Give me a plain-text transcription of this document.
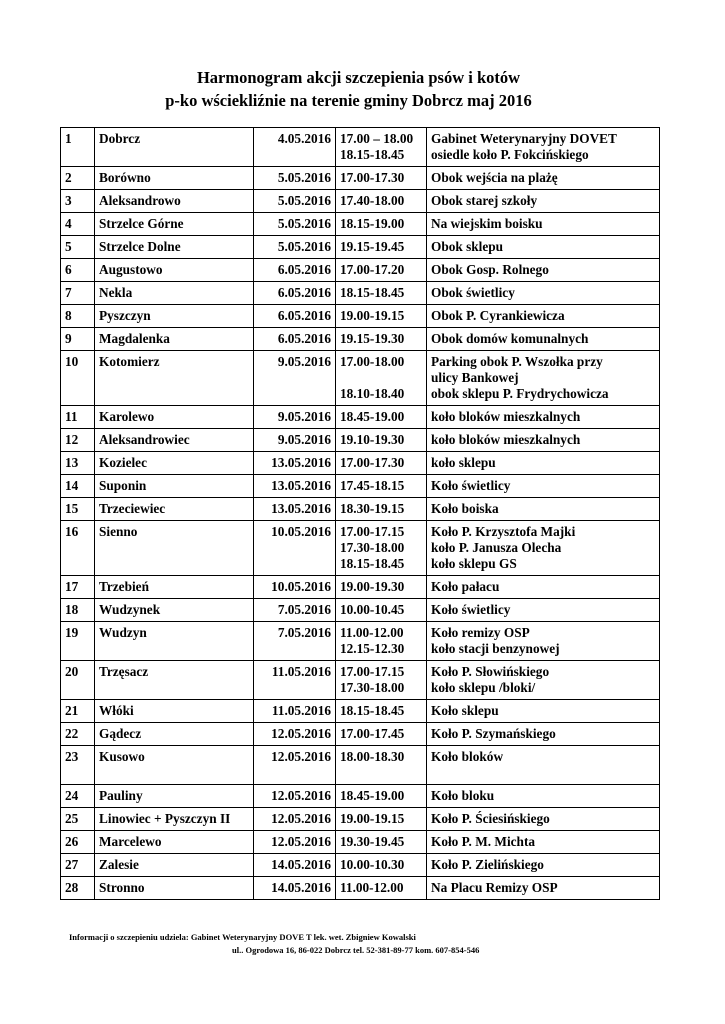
Harmonogram akcji szczepienia psów i kotów
p-ko wściekliźnie na terenie gminy Dobrcz maj 2016
1	Dobrcz	4.05.2016	17.00 – 18.00
18.15-18.45	Gabinet Weterynaryjny DOVET
osiedle koło P. Fokcińskiego

2	Borówno	5.05.2016	17.00-17.30	Obok wejścia na plażę

3	Aleksandrowo	5.05.2016	17.40-18.00	Obok starej szkoły

4	Strzelce Górne	5.05.2016	18.15-19.00	Na wiejskim boisku

5	Strzelce Dolne	5.05.2016	19.15-19.45	Obok sklepu

6	Augustowo	6.05.2016	17.00-17.20	Obok Gosp. Rolnego

7	Nekla	6.05.2016	18.15-18.45	Obok świetlicy

8	Pyszczyn	6.05.2016	19.00-19.15	Obok P. Cyrankiewicza

9	Magdalenka	6.05.2016	19.15-19.30	Obok domów komunalnych

10	Kotomierz	9.05.2016	17.00-18.00
18.10-18.40	Parking obok P. Wszołka przy
ulicy Bankowej
obok sklepu P. Frydrychowicza

11	Karolewo	9.05.2016	18.45-19.00	koło bloków mieszkalnych

12	Aleksandrowiec	9.05.2016	19.10-19.30	koło bloków mieszkalnych

13	Kozielec	13.05.2016	17.00-17.30	koło sklepu

14	Suponin	13.05.2016	17.45-18.15	Koło świetlicy

15	Trzeciewiec	13.05.2016	18.30-19.15	Koło boiska

16	Sienno	10.05.2016	17.00-17.15
17.30-18.00
18.15-18.45	Koło P. Krzysztofa Majki
koło P. Janusza Olecha
koło sklepu GS

17	Trzebień	10.05.2016	19.00-19.30	Koło pałacu

18	Wudzynek	7.05.2016	10.00-10.45	Koło świetlicy

19	Wudzyn	7.05.2016	11.00-12.00
12.15-12.30	Koło remizy OSP
koło stacji benzynowej

20	Trzęsacz	11.05.2016	17.00-17.15
17.30-18.00	Koło P. Słowińskiego
koło sklepu /bloki/

21	Włóki	11.05.2016	18.15-18.45	Koło sklepu

22	Gądecz	12.05.2016	17.00-17.45	Koło P. Szymańskiego

23	Kusowo	12.05.2016	18.00-18.30	Koło bloków

24	Pauliny	12.05.2016	18.45-19.00	Koło bloku

25	Linowiec + Pyszczyn II	12.05.2016	19.00-19.15	Koło P. Ściesińskiego

26	Marcelewo	12.05.2016	19.30-19.45	Koło P. M. Michta

27	Zalesie	14.05.2016	10.00-10.30	Koło P. Zielińskiego

28	Stronno	14.05.2016	11.00-12.00	Na Placu Remizy OSP
Informacji o szczepieniu udziela: Gabinet Weterynaryjny DOVE T lek. wet. Zbigniew Kowalski
ul.. Ogrodowa 16, 86-022 Dobrcz tel. 52-381-89-77 kom. 607-854-546
